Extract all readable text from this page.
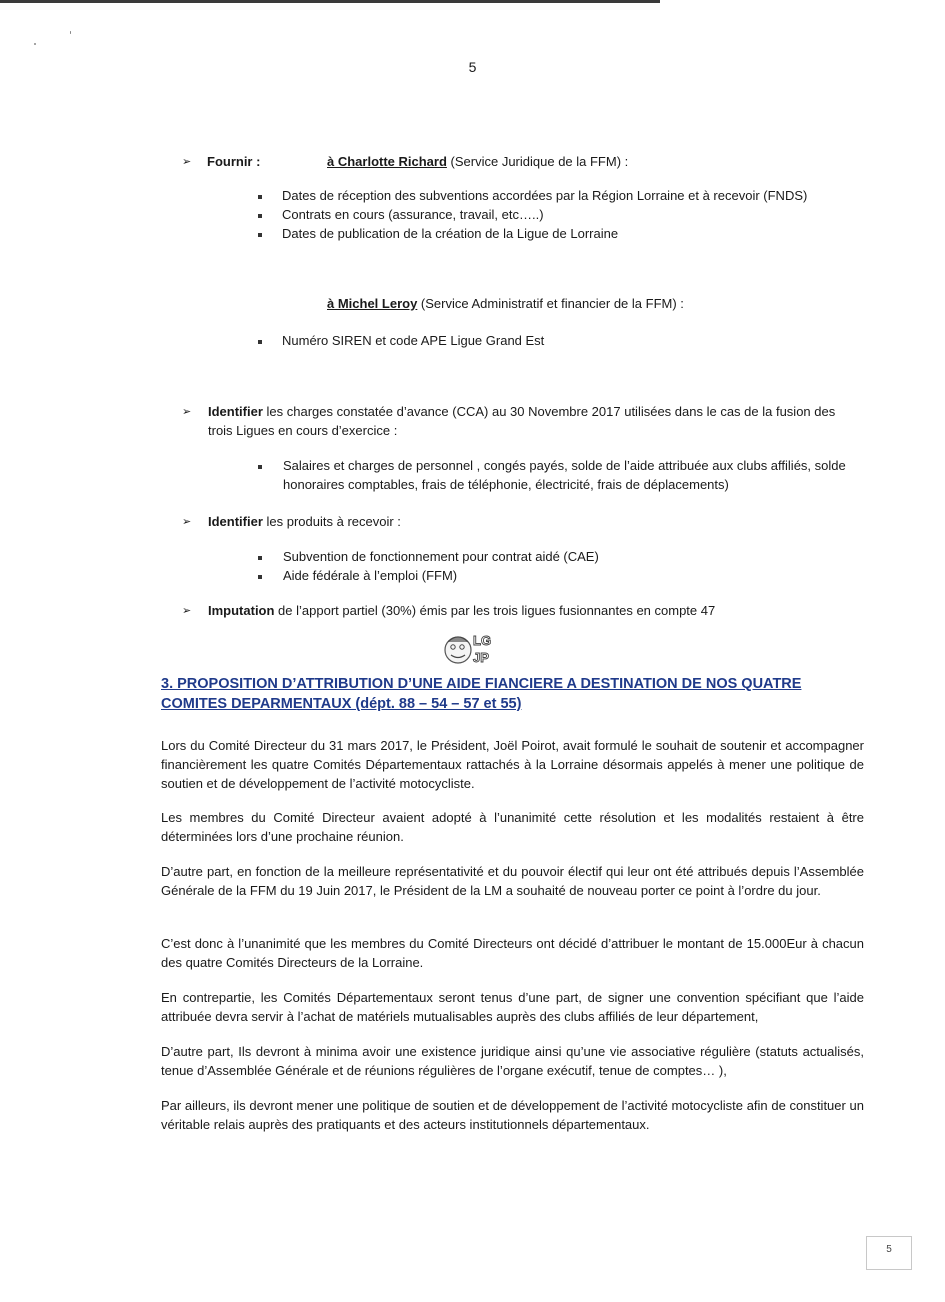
5
➢ Fournir :	à Charlotte Richard (Service Juridique de la FFM) :
Dates de réception des subventions accordées par la Région Lorraine et à recevoir (FNDS)
Contrats en cours (assurance, travail, etc…..)
Dates de publication de la création de la Ligue de Lorraine
à Michel Leroy (Service Administratif et financier de la FFM) :
Numéro SIREN et code APE Ligue Grand Est
➢ Identifier les charges constatée d’avance (CCA) au 30 Novembre 2017 utilisées dans le cas de la fusion des
trois Ligues en cours d’exercice :
Salaires et charges de personnel , congés payés, solde de l’aide attribuée aux clubs affiliés, solde
honoraires comptables, frais de téléphonie, électricité, frais de déplacements)
➢ Identifier les produits à recevoir :
Subvention de fonctionnement pour contrat aidé (CAE)
Aide fédérale à l’emploi (FFM)
➢ Imputation de l’apport partiel (30%) émis par les trois ligues fusionnantes en compte 47
LG
JP
3. PROPOSITION D’ATTRIBUTION D’UNE AIDE FIANCIERE A DESTINATION DE NOS QUATRE
COMITES DEPARMENTAUX (dépt. 88 – 54 – 57 et 55)
Lors du Comité Directeur du 31 mars 2017, le Président, Joël Poirot, avait formulé le souhait de soutenir et accompagner financièrement les quatre Comités Départementaux rattachés à la Lorraine désormais appelés à mener une politique de soutien et de développement de l’activité motocycliste.
Les membres du Comité Directeur avaient adopté à l’unanimité cette résolution et les modalités restaient à être déterminées lors d’une prochaine réunion.
D’autre part, en fonction de la meilleure représentativité et du pouvoir électif qui leur ont été attribués depuis l’Assemblée Générale de la FFM du 19 Juin 2017, le Président de la LM a souhaité de nouveau porter ce point à l’ordre du jour.
C’est donc à l’unanimité que les membres du Comité Directeurs ont décidé d’attribuer le montant de 15.000Eur à chacun des quatre Comités Directeurs de la Lorraine.
En contrepartie, les Comités Départementaux seront tenus d’une part, de signer une convention spécifiant que l’aide attribuée devra servir à l’achat de matériels mutualisables auprès des clubs affiliés de leur département,
D’autre part, Ils devront à minima avoir une existence juridique ainsi qu’une vie associative régulière (statuts actualisés, tenue d’Assemblée Générale et de réunions régulières de l’organe exécutif, tenue de comptes… ),
Par ailleurs, ils devront mener une politique de soutien et de développement de l’activité motocycliste afin de constituer un véritable relais auprès des pratiquants et des acteurs institutionnels départementaux.
5
